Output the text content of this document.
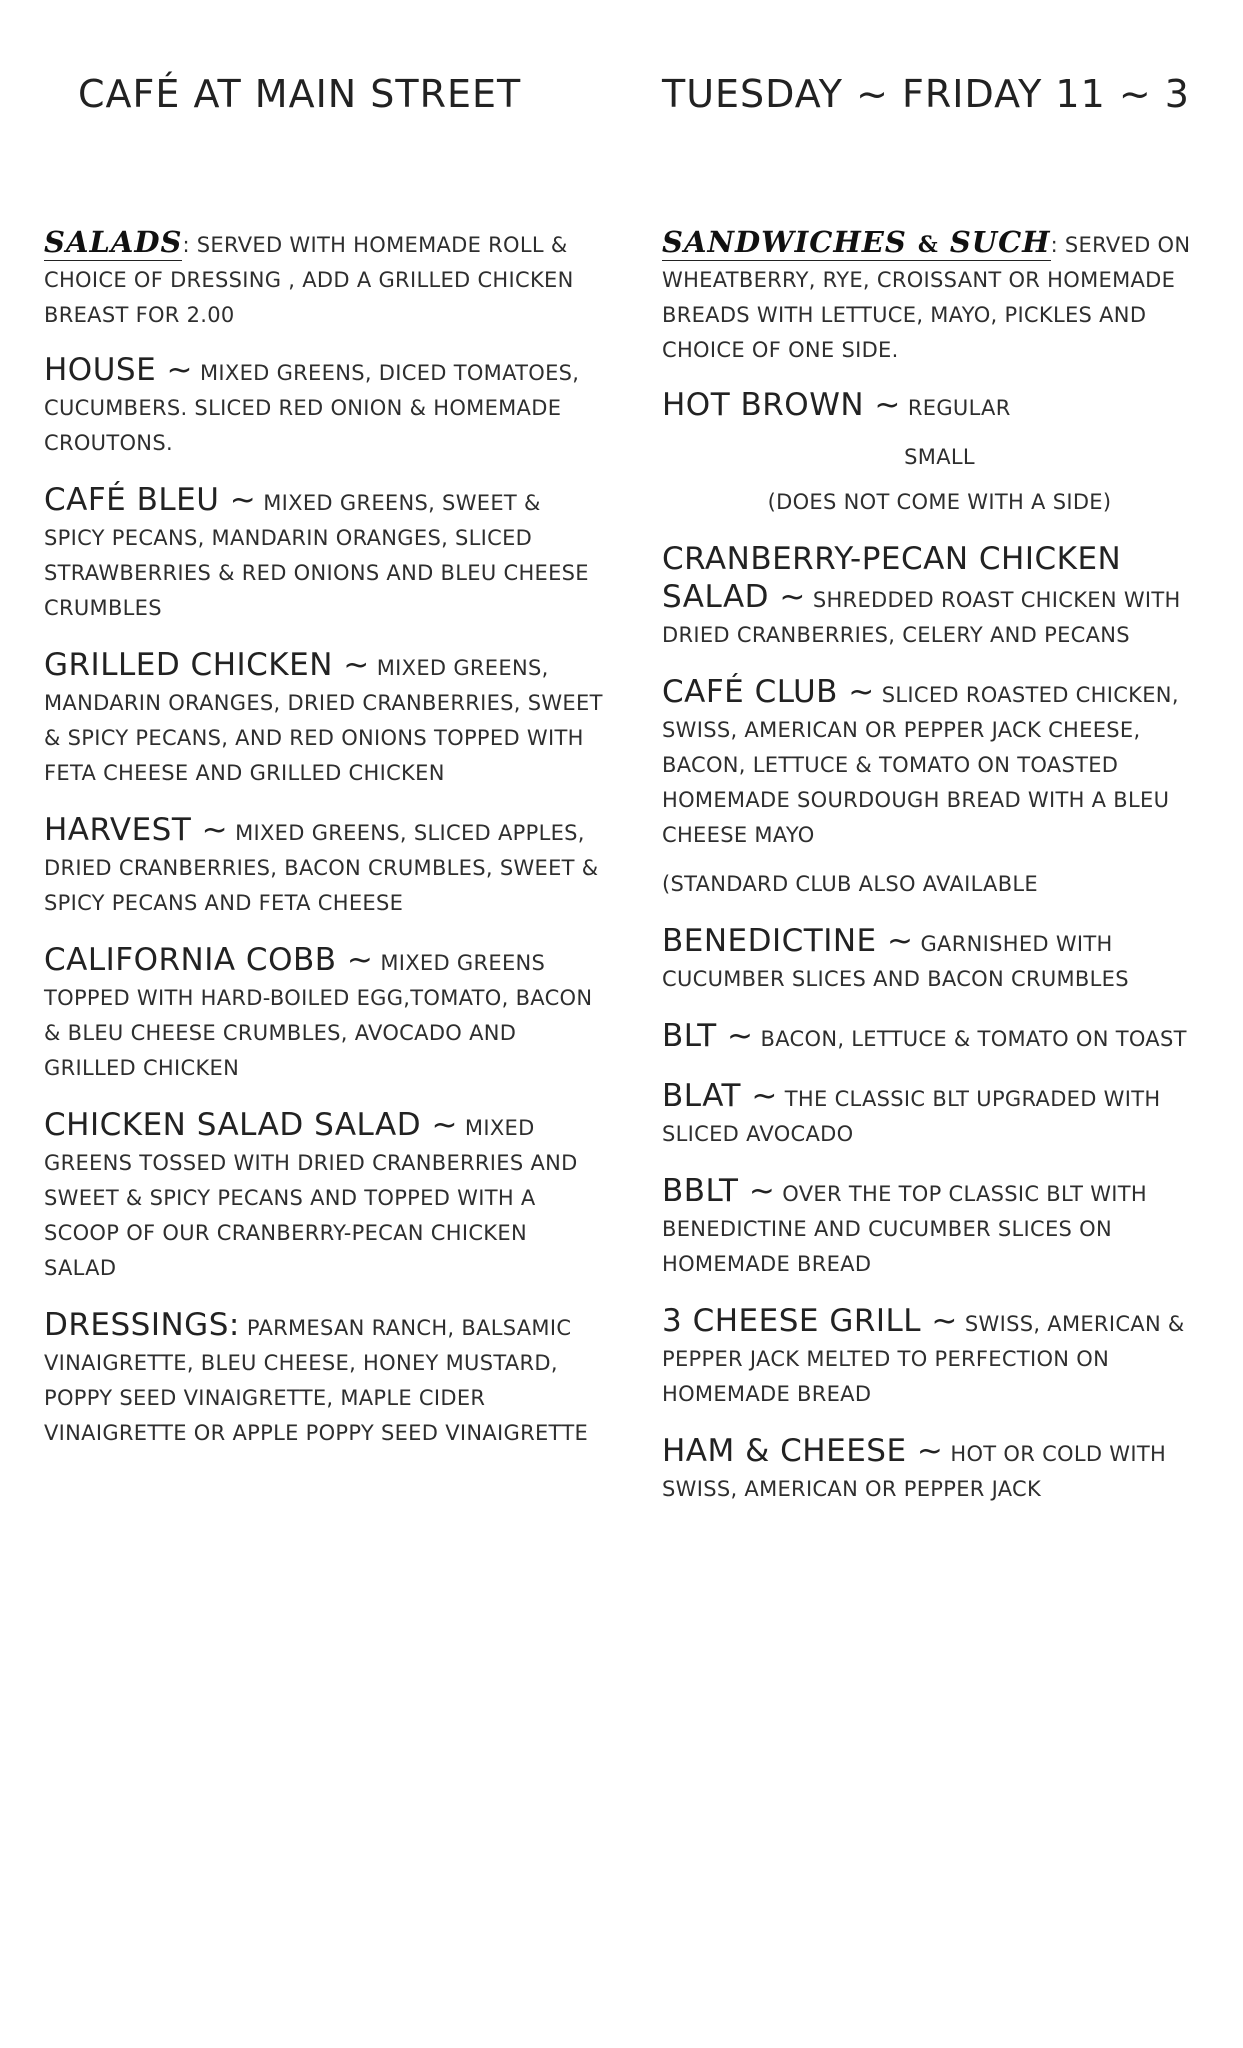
CAFÉ AT MAIN STREET	TUESDAY ~ FRIDAY 11 ~ 3
SALADS: SERVED WITH HOMEMADE ROLL & CHOICE OF DRESSING , ADD A GRILLED CHICKEN BREAST FOR 2.00
HOUSE ~ MIXED GREENS, DICED TOMATOES, CUCUMBERS. SLICED RED ONION & HOMEMADE CROUTONS.
CAFÉ BLEU ~ MIXED GREENS, SWEET & SPICY PECANS, MANDARIN ORANGES, SLICED STRAWBERRIES & RED ONIONS AND BLEU CHEESE CRUMBLES
GRILLED CHICKEN ~ MIXED GREENS, MANDARIN ORANGES, DRIED CRANBERRIES, SWEET & SPICY PECANS, AND RED ONIONS TOPPED WITH FETA CHEESE AND GRILLED CHICKEN
HARVEST ~ MIXED GREENS, SLICED APPLES, DRIED CRANBERRIES, BACON CRUMBLES, SWEET & SPICY PECANS AND FETA CHEESE
CALIFORNIA COBB ~ MIXED GREENS TOPPED WITH HARD-BOILED EGG,TOMATO, BACON & BLEU CHEESE CRUMBLES, AVOCADO AND GRILLED CHICKEN
CHICKEN SALAD SALAD ~ MIXED GREENS TOSSED WITH DRIED CRANBERRIES AND SWEET & SPICY PECANS AND TOPPED WITH A SCOOP OF OUR CRANBERRY-PECAN CHICKEN SALAD
DRESSINGS: PARMESAN RANCH, BALSAMIC VINAIGRETTE, BLEU CHEESE, HONEY MUSTARD, POPPY SEED VINAIGRETTE, MAPLE CIDER VINAIGRETTE OR APPLE POPPY SEED VINAIGRETTE
SANDWICHES & SUCH: SERVED ON WHEATBERRY, RYE, CROISSANT OR HOMEMADE BREADS WITH LETTUCE, MAYO, PICKLES AND CHOICE OF ONE SIDE.
HOT BROWN ~ REGULAR
SMALL
(DOES NOT COME WITH A SIDE)
CRANBERRY-PECAN CHICKEN SALAD ~ SHREDDED ROAST CHICKEN WITH DRIED CRANBERRIES, CELERY AND PECANS
CAFÉ CLUB ~ SLICED ROASTED CHICKEN, SWISS, AMERICAN OR PEPPER JACK CHEESE, BACON, LETTUCE & TOMATO ON TOASTED HOMEMADE SOURDOUGH BREAD WITH A BLEU CHEESE MAYO
(STANDARD CLUB ALSO AVAILABLE
BENEDICTINE ~ GARNISHED WITH CUCUMBER SLICES AND BACON CRUMBLES
BLT ~ BACON, LETTUCE & TOMATO ON TOAST
BLAT ~ THE CLASSIC BLT UPGRADED WITH SLICED AVOCADO
BBLT ~ OVER THE TOP CLASSIC BLT WITH BENEDICTINE AND CUCUMBER SLICES ON HOMEMADE BREAD
3 CHEESE GRILL ~ SWISS, AMERICAN & PEPPER JACK MELTED TO PERFECTION ON HOMEMADE BREAD
HAM & CHEESE ~ HOT OR COLD WITH SWISS, AMERICAN OR PEPPER JACK
